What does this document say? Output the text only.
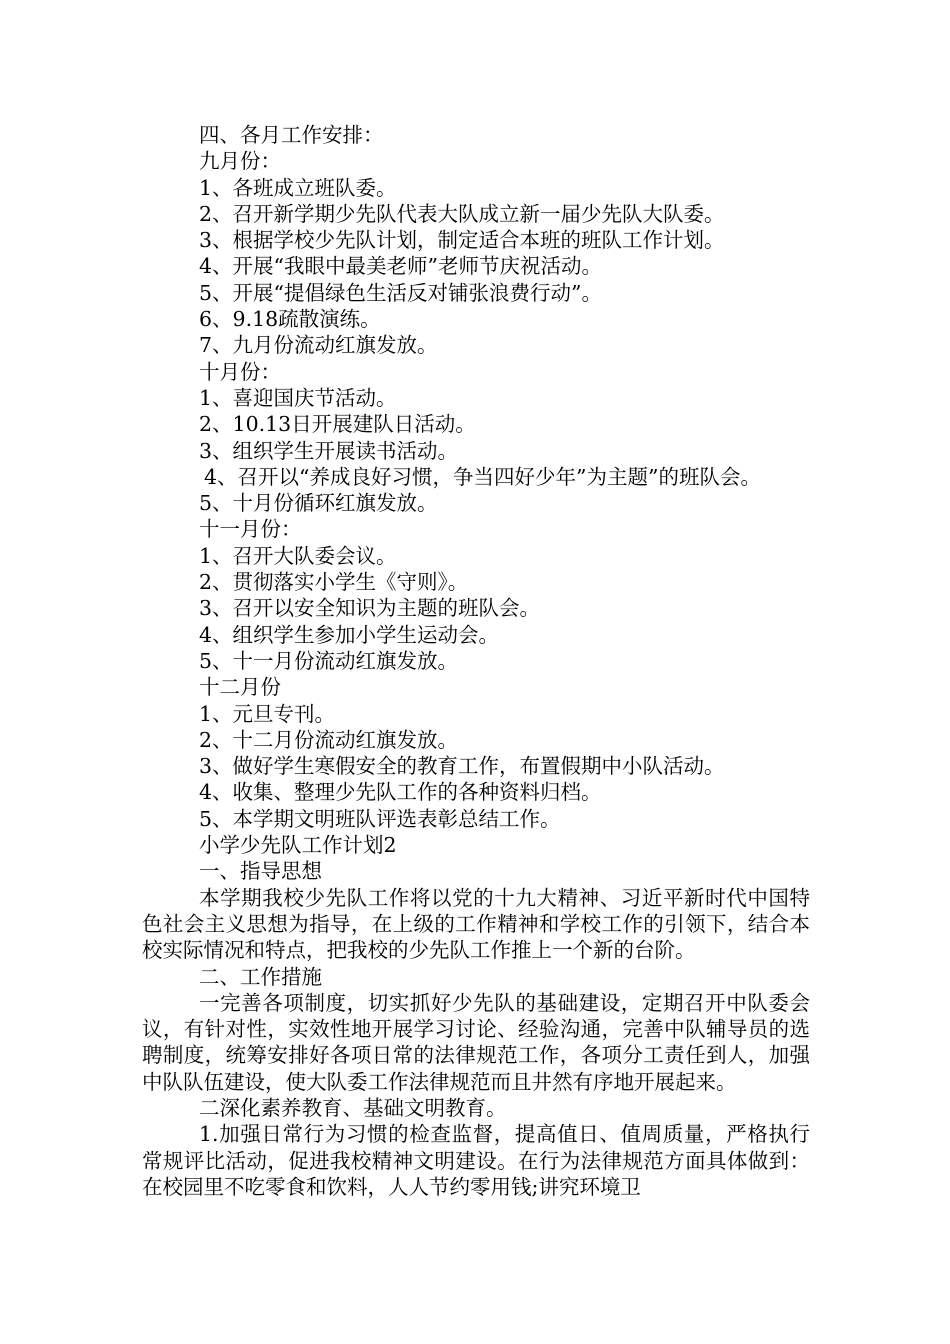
四、各月工作安排：
九月份：
1、各班成立班队委。
2、召开新学期少先队代表大队成立新一届少先队大队委。
3、根据学校少先队计划，制定适合本班的班队工作计划。
4、开展“我眼中最美老师”老师节庆祝活动。
5、开展“提倡绿色生活反对铺张浪费行动”。
6、9.18疏散演练。
7、九月份流动红旗发放。
十月份：
1、喜迎国庆节活动。
2、10.13日开展建队日活动。
3、组织学生开展读书活动。
4、召开以“养成良好习惯，争当四好少年”为主题”的班队会。
5、十月份循环红旗发放。
十一月份：
1、召开大队委会议。
2、贯彻落实小学生《守则》。
3、召开以安全知识为主题的班队会。
4、组织学生参加小学生运动会。
5、十一月份流动红旗发放。
十二月份
1、元旦专刊。
2、十二月份流动红旗发放。
3、做好学生寒假安全的教育工作，布置假期中小队活动。
4、收集、整理少先队工作的各种资料归档。
5、本学期文明班队评选表彰总结工作。
小学少先队工作计划2
一、指导思想
本学期我校少先队工作将以党的十九大精神、习近平新时代中国特色社会主义思想为指导，在上级的工作精神和学校工作的引领下，结合本校实际情况和特点，把我校的少先队工作推上一个新的台阶。
二、工作措施
一完善各项制度，切实抓好少先队的基础建设，定期召开中队委会议，有针对性，实效性地开展学习讨论、经验沟通，完善中队辅导员的选聘制度，统筹安排好各项日常的法律规范工作，各项分工责任到人，加强中队队伍建设，使大队委工作法律规范而且井然有序地开展起来。
二深化素养教育、基础文明教育。
1.加强日常行为习惯的检查监督，提高值日、值周质量，严格执行常规评比活动，促进我校精神文明建设。在行为法律规范方面具体做到：在校园里不吃零食和饮料，人人节约零用钱;讲究环境卫
